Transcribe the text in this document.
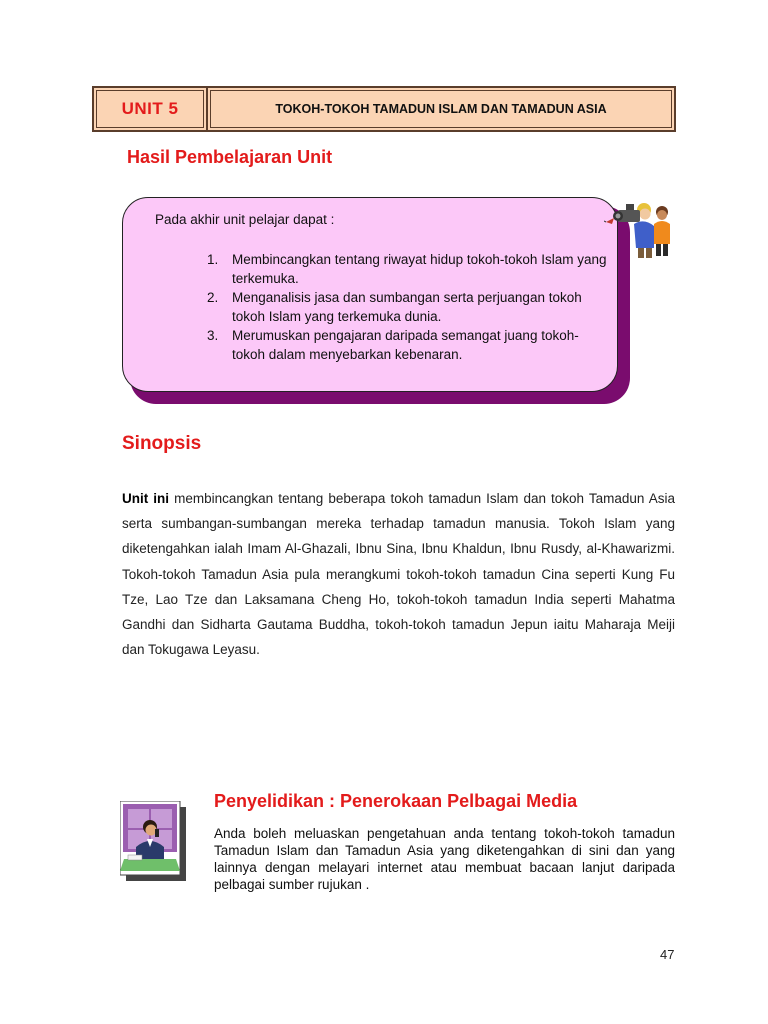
UNIT 5	TOKOH-TOKOH TAMADUN ISLAM DAN TAMADUN ASIA
Hasil Pembelajaran Unit

Pada akhir unit pelajar dapat :

1. Membincangkan tentang riwayat hidup tokoh-tokoh Islam yang terkemuka.
2. Menganalisis jasa dan sumbangan serta perjuangan tokoh tokoh Islam yang terkemuka dunia.
3. Merumuskan pengajaran daripada semangat juang tokoh-tokoh dalam menyebarkan kebenaran.
Sinopsis

Unit ini membincangkan tentang beberapa tokoh tamadun Islam dan tokoh Tamadun Asia serta sumbangan-sumbangan mereka terhadap tamadun manusia. Tokoh Islam yang diketengahkan ialah Imam Al-Ghazali, Ibnu Sina, Ibnu Khaldun, Ibnu Rusdy, al-Khawarizmi. Tokoh-tokoh Tamadun Asia pula merangkumi tokoh-tokoh tamadun Cina seperti Kung Fu Tze, Lao Tze dan Laksamana Cheng Ho, tokoh-tokoh tamadun India seperti Mahatma Gandhi dan Sidharta Gautama Buddha, tokoh-tokoh tamadun Jepun iaitu Maharaja Meiji dan Tokugawa Leyasu.

Penyelidikan : Penerokaan Pelbagai Media

Anda boleh meluaskan pengetahuan anda tentang tokoh-tokoh tamadun Tamadun Islam dan Tamadun Asia yang diketengahkan di sini dan yang lainnya dengan melayari internet atau membuat bacaan lanjut daripada pelbagai sumber rujukan .

47
